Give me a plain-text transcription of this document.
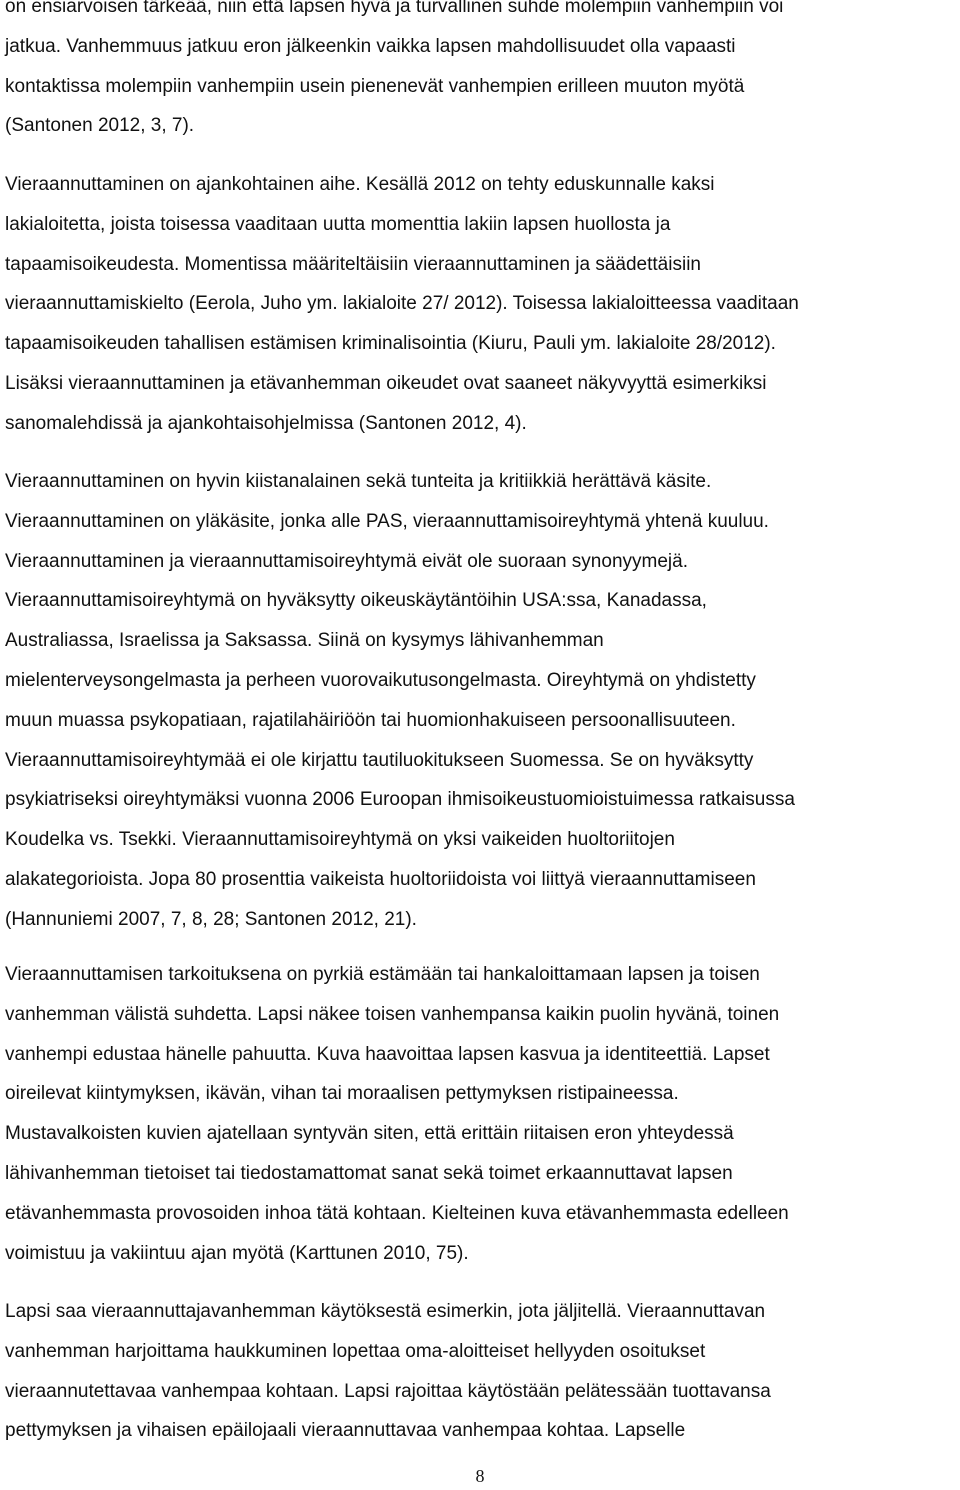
on ensiarvoisen tärkeää, niin että lapsen hyvä ja turvallinen suhde molempiin vanhempiin voi
jatkua. Vanhemmuus jatkuu eron jälkeenkin vaikka lapsen mahdollisuudet olla vapaasti
kontaktissa molempiin vanhempiin usein pienenevät vanhempien erilleen muuton myötä
(Santonen 2012, 3, 7).

Vieraannuttaminen on ajankohtainen aihe. Kesällä 2012 on tehty eduskunnalle kaksi
lakialoitetta, joista toisessa vaaditaan uutta momenttia lakiin lapsen huollosta ja
tapaamisoikeudesta. Momentissa määriteltäisiin vieraannuttaminen ja säädettäisiin
vieraannuttamiskielto (Eerola, Juho ym. lakialoite 27/ 2012). Toisessa lakialoitteessa vaaditaan
tapaamisoikeuden tahallisen estämisen kriminalisointia (Kiuru, Pauli ym. lakialoite 28/2012).
Lisäksi vieraannuttaminen ja etävanhemman oikeudet ovat saaneet näkyvyyttä esimerkiksi
sanomalehdissä ja ajankohtaisohjelmissa (Santonen 2012, 4).

Vieraannuttaminen on hyvin kiistanalainen sekä tunteita ja kritiikkiä herättävä käsite.
Vieraannuttaminen on yläkäsite, jonka alle PAS, vieraannuttamisoireyhtymä yhtenä kuuluu.
Vieraannuttaminen ja vieraannuttamisoireyhtymä eivät ole suoraan synonyymejä.
Vieraannuttamisoireyhtymä on hyväksytty oikeuskäytäntöihin USA:ssa, Kanadassa,
Australiassa, Israelissa ja Saksassa. Siinä on kysymys lähivanhemman
mielenterveysongelmasta ja perheen vuorovaikutusongelmasta. Oireyhtymä on yhdistetty
muun muassa psykopatiaan, rajatilahäiriöön tai huomionhakuiseen persoonallisuuteen.
Vieraannuttamisoireyhtymää ei ole kirjattu tautiluokitukseen Suomessa. Se on hyväksytty
psykiatriseksi oireyhtymäksi vuonna 2006 Euroopan ihmisoikeustuomioistuimessa ratkaisussa
Koudelka vs. Tsekki. Vieraannuttamisoireyhtymä on yksi vaikeiden huoltoriitojen
alakategorioista. Jopa 80 prosenttia vaikeista huoltoriidoista voi liittyä vieraannuttamiseen
(Hannuniemi 2007, 7, 8, 28; Santonen 2012, 21).

Vieraannuttamisen tarkoituksena on pyrkiä estämään tai hankaloittamaan lapsen ja toisen
vanhemman välistä suhdetta. Lapsi näkee toisen vanhempansa kaikin puolin hyvänä, toinen
vanhempi edustaa hänelle pahuutta. Kuva haavoittaa lapsen kasvua ja identiteettiä. Lapset
oireilevat kiintymyksen, ikävän, vihan tai moraalisen pettymyksen ristipaineessa.
Mustavalkoisten kuvien ajatellaan syntyvän siten, että erittäin riitaisen eron yhteydessä
lähivanhemman tietoiset tai tiedostamattomat sanat sekä toimet erkaannuttavat lapsen
etävanhemmasta provosoiden inhoa tätä kohtaan. Kielteinen kuva etävanhemmasta edelleen
voimistuu ja vakiintuu ajan myötä (Karttunen 2010, 75).

Lapsi saa vieraannuttajavanhemman käytöksestä esimerkin, jota jäljitellä. Vieraannuttavan
vanhemman harjoittama haukkuminen lopettaa oma-aloitteiset hellyyden osoitukset
vieraannutettavaa vanhempaa kohtaan. Lapsi rajoittaa käytöstään pelätessään tuottavansa
pettymyksen ja vihaisen epäilojaali vieraannuttavaa vanhempaa kohtaa. Lapselle

8
